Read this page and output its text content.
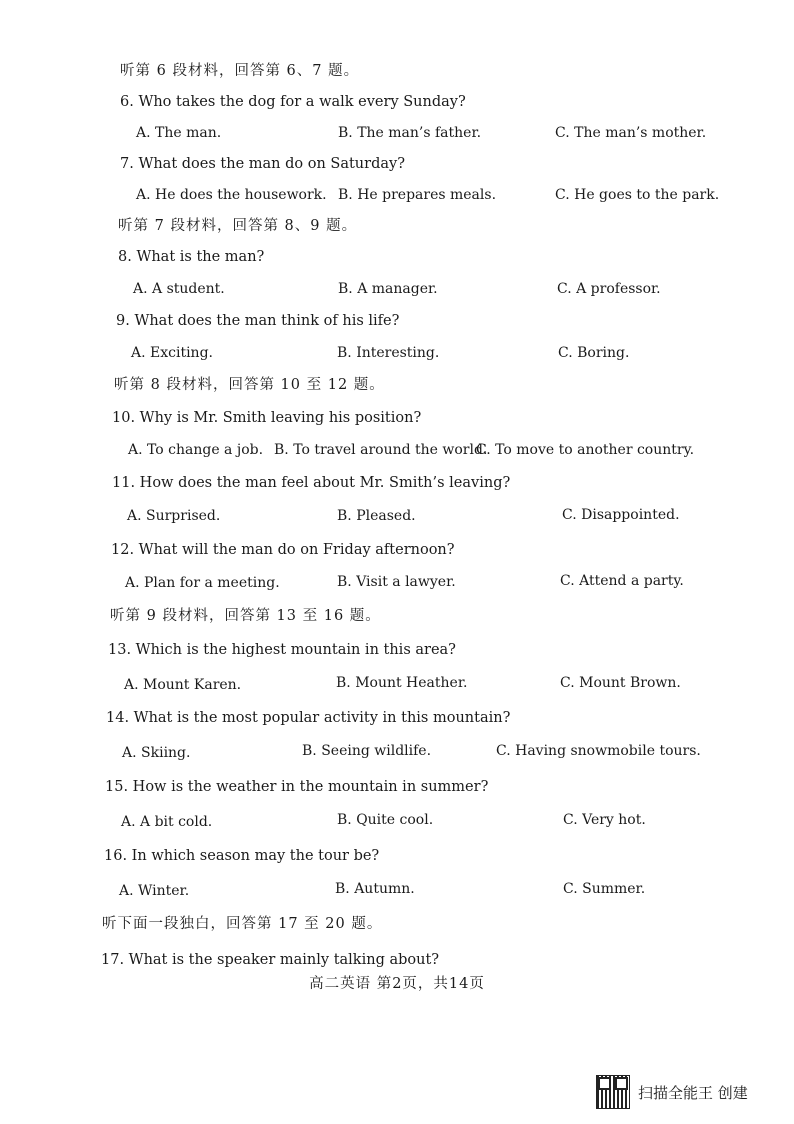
听第 6 段材料，回答第 6、7 题。
6. Who takes the dog for a walk every Sunday?
A. The man.	B. The man’s father.	C. The man’s mother.
7. What does the man do on Saturday?
A. He does the housework. B. He prepares meals.	C. He goes to the park.
听第 7 段材料，回答第 8、9 题。
8. What is the man?
A. A student.	B. A manager.	C. A professor.
9. What does the man think of his life?
A. Exciting.	B. Interesting.	C. Boring.
听第 8 段材料，回答第 10 至 12 题。
10. Why is Mr. Smith leaving his position?
A. To change a job. B. To travel around the world.
C. To move to another country.
11. How does the man feel about Mr. Smith’s leaving?
A. Surprised.	B. Pleased.	C. Disappointed.
12. What will the man do on Friday afternoon?
A. Plan for a meeting.	B. Visit a lawyer.	C. Attend a party.
听第 9 段材料，回答第 13 至 16 题。
13. Which is the highest mountain in this area?
A. Mount Karen.	B. Mount Heather.	C. Mount Brown.
14. What is the most popular activity in this mountain?
A. Skiing.	B. Seeing wildlife.	C. Having snowmobile tours.
15. How is the weather in the mountain in summer?
A. A bit cold.	B. Quite cool.	C. Very hot.
16. In which season may the tour be?
A. Winter.	B. Autumn.	C. Summer.
听下面一段独白，回答第 17 至 20 题。
17. What is the speaker mainly talking about?
高二英语 第2页，共14页
扫描全能王 创建
